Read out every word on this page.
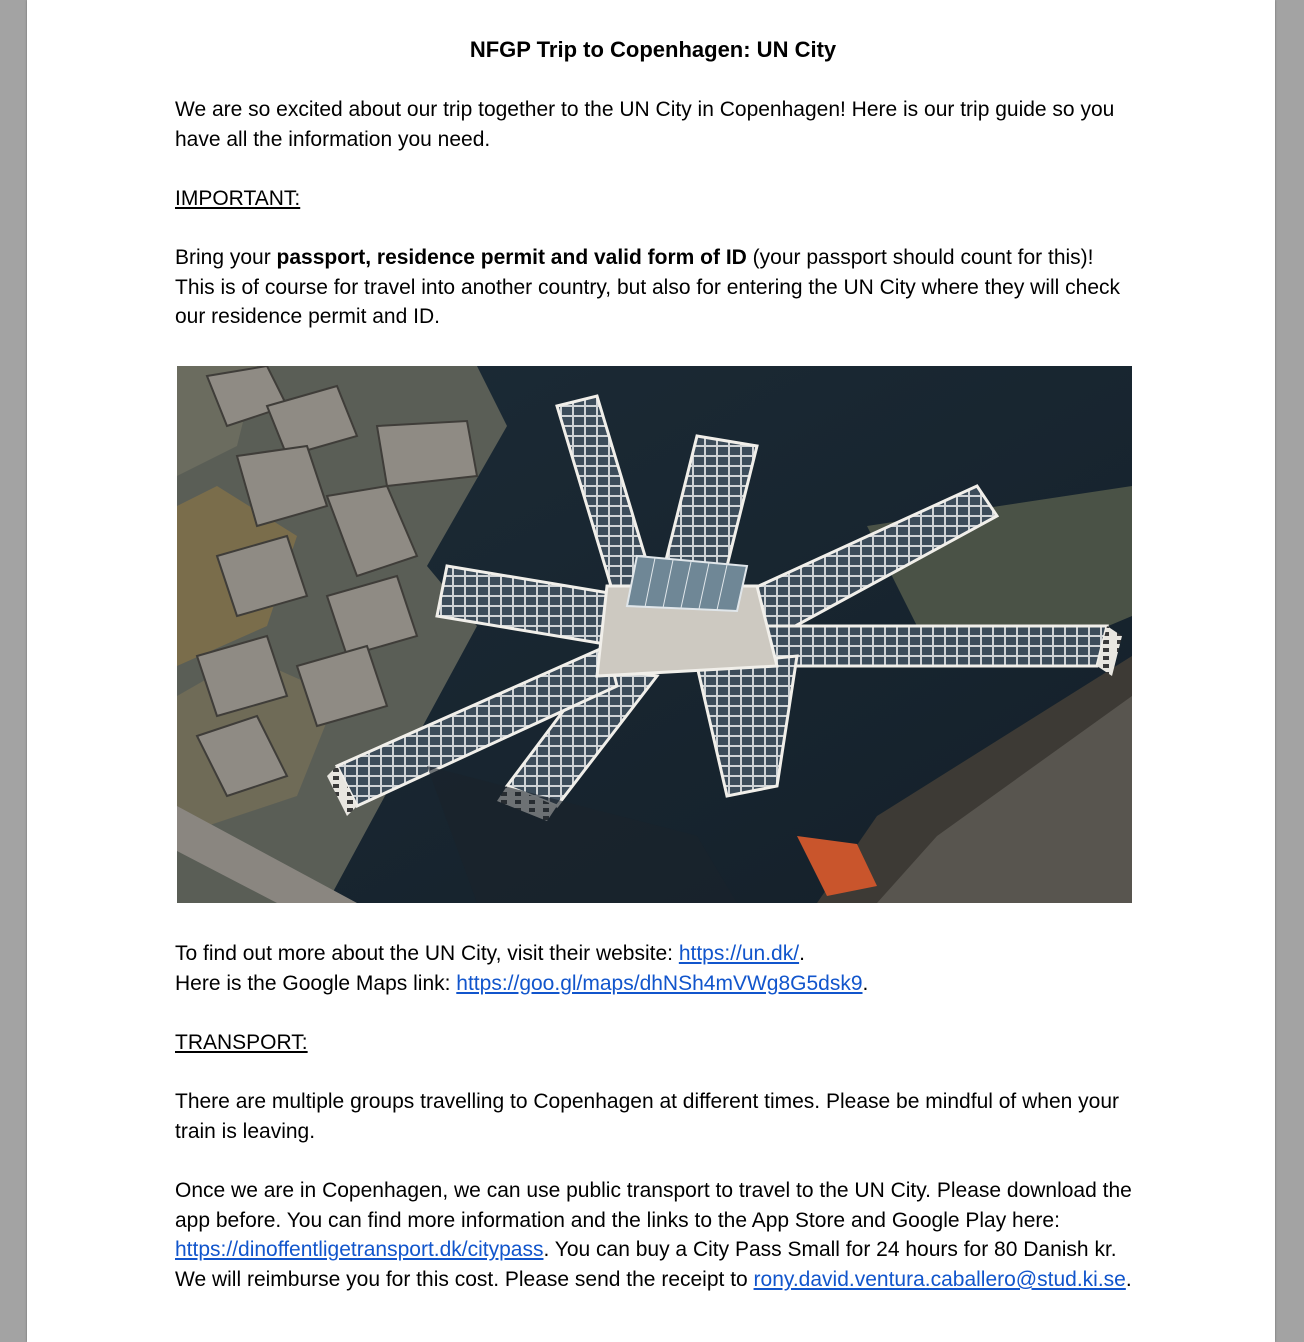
NFGP Trip to Copenhagen: UN City

We are so excited about our trip together to the UN City in Copenhagen! Here is our trip guide so you have all the information you need.

IMPORTANT:

Bring your passport, residence permit and valid form of ID (your passport should count for this)! This is of course for travel into another country, but also for entering the UN City where they will check our residence permit and ID.

To find out more about the UN City, visit their website: https://un.dk/.
Here is the Google Maps link: https://goo.gl/maps/dhNSh4mVWg8G5dsk9.

TRANSPORT:

There are multiple groups travelling to Copenhagen at different times. Please be mindful of when your train is leaving.

Once we are in Copenhagen, we can use public transport to travel to the UN City. Please download the app before. You can find more information and the links to the App Store and Google Play here: https://dinoffentligetransport.dk/citypass. You can buy a City Pass Small for 24 hours for 80 Danish kr. We will reimburse you for this cost. Please send the receipt to rony.david.ventura.caballero@stud.ki.se.
